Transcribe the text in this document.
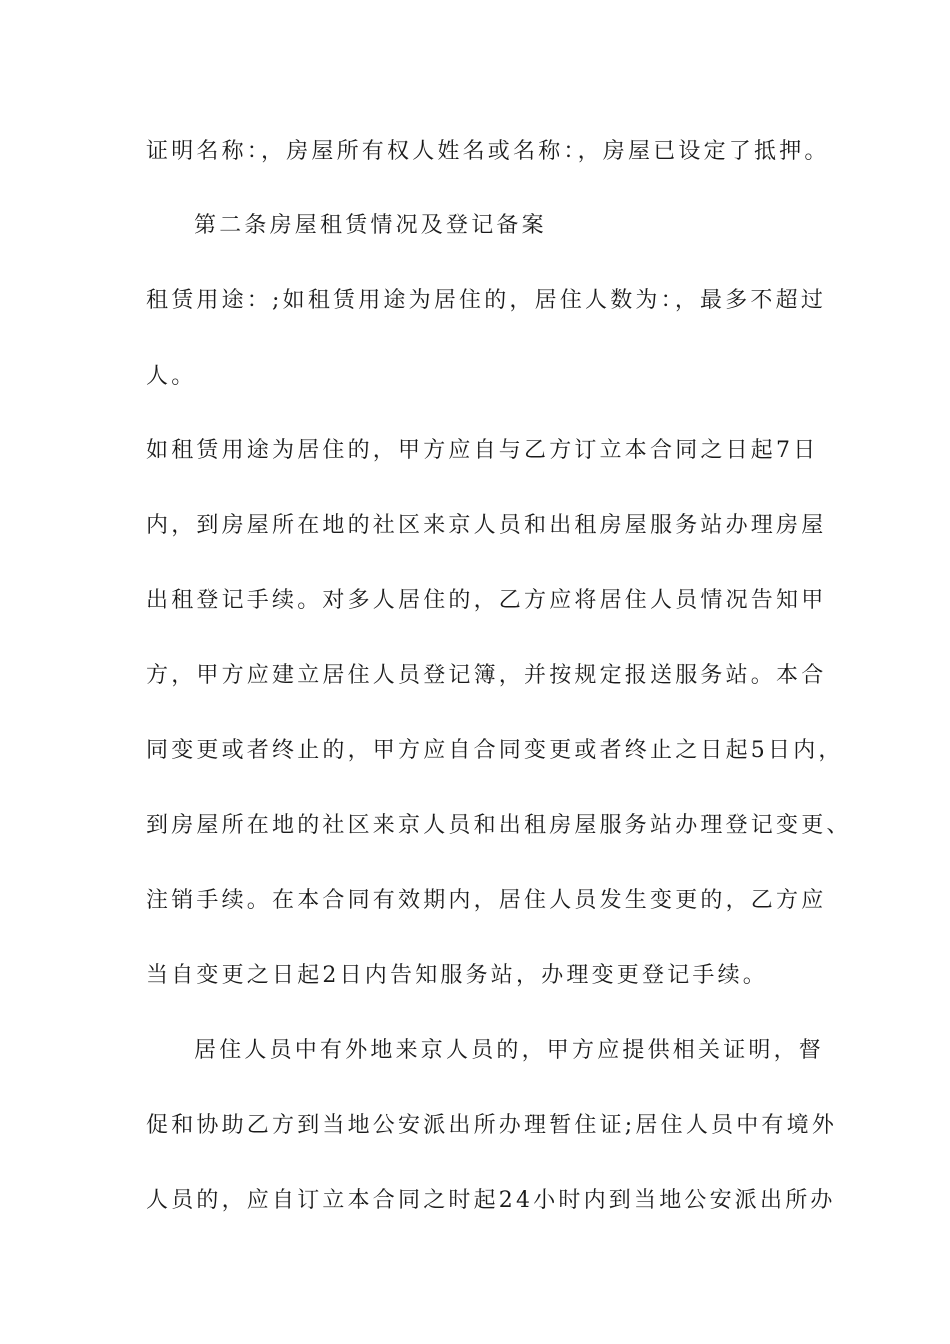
证明名称：，房屋所有权人姓名或名称：，房屋已设定了抵押。
第二条房屋租赁情况及登记备案
租赁用途：;如租赁用途为居住的，居住人数为：，最多不超过
人。
如租赁用途为居住的，甲方应自与乙方订立本合同之日起7日
内，到房屋所在地的社区来京人员和出租房屋服务站办理房屋
出租登记手续。对多人居住的，乙方应将居住人员情况告知甲
方，甲方应建立居住人员登记簿，并按规定报送服务站。本合
同变更或者终止的，甲方应自合同变更或者终止之日起5日内，
到房屋所在地的社区来京人员和出租房屋服务站办理登记变更、
注销手续。在本合同有效期内，居住人员发生变更的，乙方应
当自变更之日起2日内告知服务站，办理变更登记手续。
居住人员中有外地来京人员的，甲方应提供相关证明，督
促和协助乙方到当地公安派出所办理暂住证;居住人员中有境外
人员的，应自订立本合同之时起24小时内到当地公安派出所办
